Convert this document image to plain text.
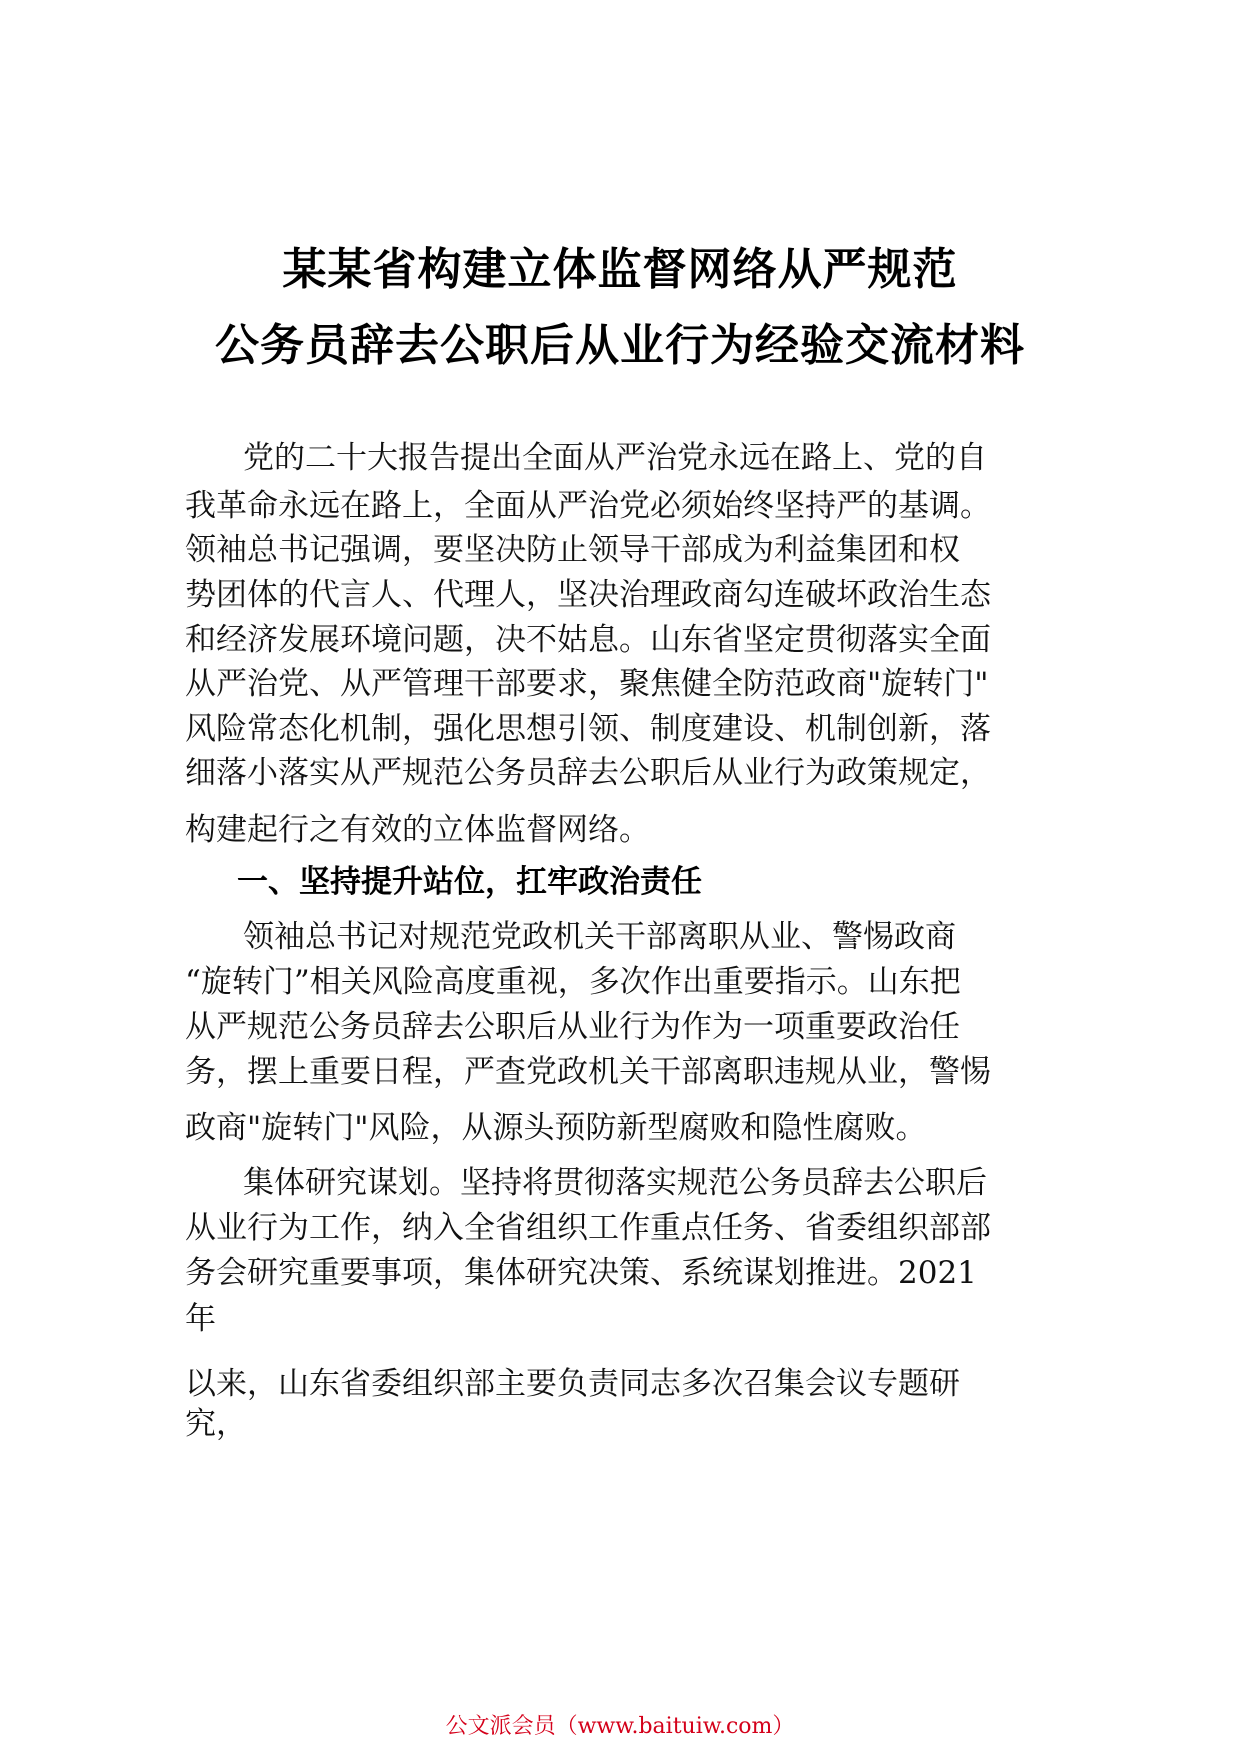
某某省构建立体监督网络从严规范
公务员辞去公职后从业行为经验交流材料
党的二十大报告提出全面从严治党永远在路上、党的自
我革命永远在路上，全面从严治党必须始终坚持严的基调。
领袖总书记强调，要坚决防止领导干部成为利益集团和权
势团体的代言人、代理人，坚决治理政商勾连破坏政治生态
和经济发展环境问题，决不姑息。山东省坚定贯彻落实全面
从严治党、从严管理干部要求，聚焦健全防范政商"旋转门"
风险常态化机制，强化思想引领、制度建设、机制创新，落
细落小落实从严规范公务员辞去公职后从业行为政策规定，
构建起行之有效的立体监督网络。
一、坚持提升站位，扛牢政治责任
领袖总书记对规范党政机关干部离职从业、警惕政商
“旋转门”相关风险高度重视，多次作出重要指示。山东把
从严规范公务员辞去公职后从业行为作为一项重要政治任
务，摆上重要日程，严查党政机关干部离职违规从业，警惕
政商"旋转门"风险，从源头预防新型腐败和隐性腐败。
集体研究谋划。坚持将贯彻落实规范公务员辞去公职后
从业行为工作，纳入全省组织工作重点任务、省委组织部部
务会研究重要事项，集体研究决策、系统谋划推进。2021
年
以来，山东省委组织部主要负责同志多次召集会议专题研
究，
公文派会员（www.baituiw.com）
